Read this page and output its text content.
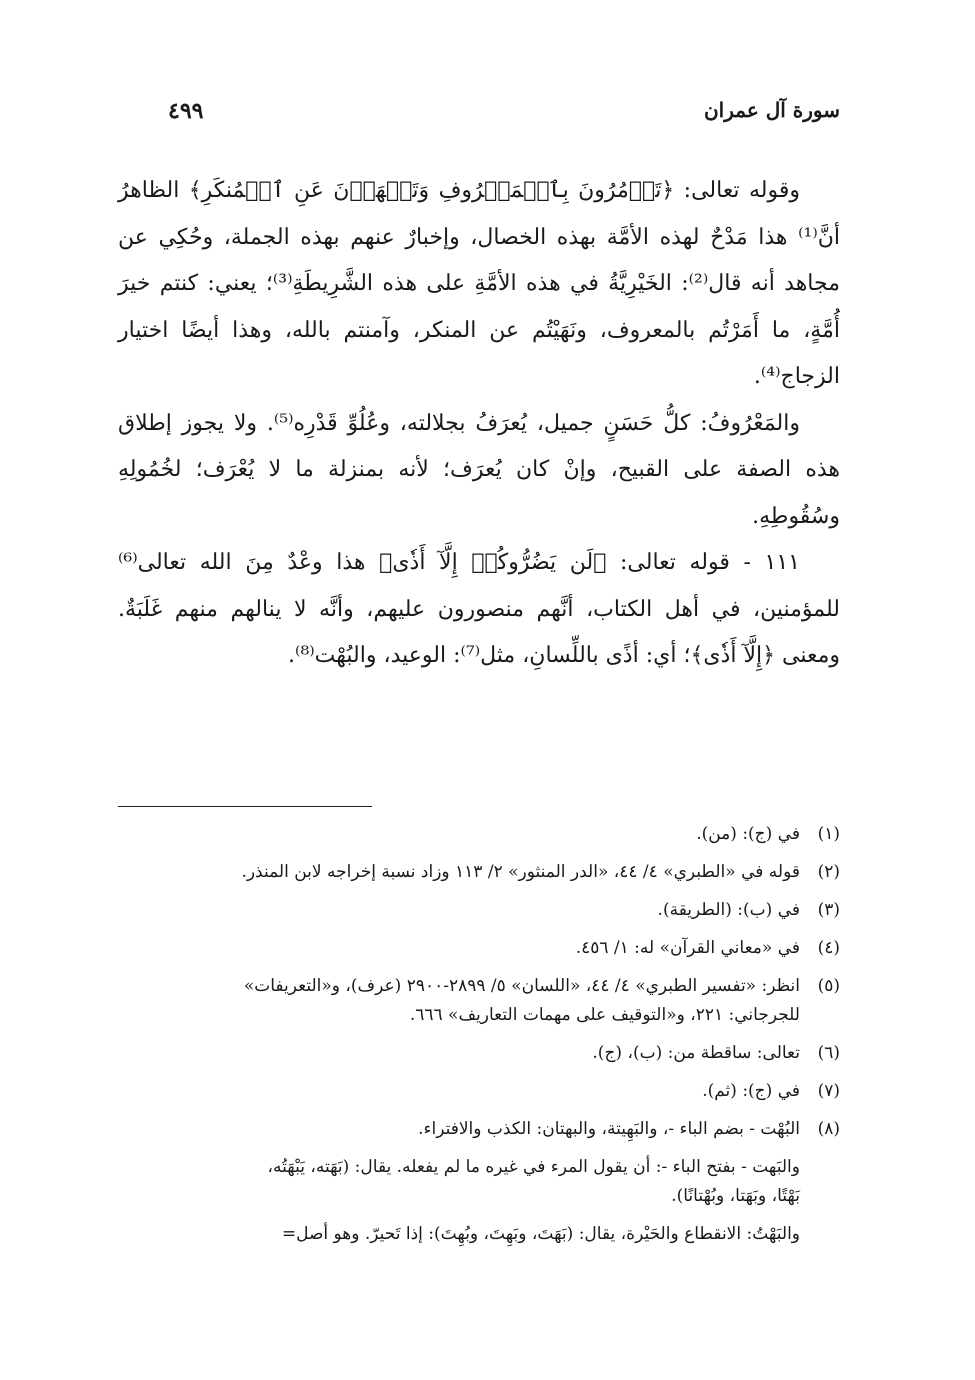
سورة آل عمران
٤٩٩

وقوله تعالى: ﴿تَأۡمُرُونَ بِٱلۡمَعۡرُوفِ وَتَنۡهَوۡنَ عَنِ ٱلۡمُنكَرِ﴾ الظاهرُ أنَّ⁽¹⁾ هذا مَدْحٌ لهذه الأمَّة بهذه الخصال، وإخبارٌ عنهم بهذه الجملة، وحُكِي عن مجاهد أنه قال⁽²⁾: الخَيْرِيَّةُ في هذه الأمَّةِ على هذه الشَّرِيطَةِ⁽³⁾؛ يعني: كنتم خيرَ أُمَّةٍ، ما أَمَرْتُم بالمعروف، ونَهَيْتُم عن المنكر، وآمنتم بالله، وهذا أيضًا اختيار الزجاج⁽⁴⁾.

والمَعْرُوفُ: كلُّ حَسَنٍ جميل، يُعرَفُ بجلالته، وعُلُوِّ قَدْرِه⁽⁵⁾. ولا يجوز إطلاق هذه الصفة على القبيح، وإنْ كان يُعرَف؛ لأنه بمنزلة ما لا يُعْرَف؛ لخُمُولِهِ وسُقُوطِهِ.

١١١ - قوله تعالى: ﴿لَن يَضُرُّوكُمۡ إِلَّآ أَذٗى﴾ هذا وعْدٌ مِنَ الله تعالى⁽⁶⁾ للمؤمنين، في أهل الكتاب، أنَّهم منصورون عليهم، وأنَّه لا ينالهم منهم غَلَبَةٌ. ومعنى ﴿إِلَّآ أَذٗى﴾؛ أي: أذًى باللِّسانِ، مثل⁽⁷⁾: الوعيد، والبُهْت⁽⁸⁾.

(١)
في (ج): (من).
(٢)
قوله في «الطبري» ٤/ ٤٤، «الدر المنثور» ٢/ ١١٣ وزاد نسبة إخراجه لابن المنذر.
(٣)
في (ب): (الطريقة).
(٤)
في «معاني القرآن» له: ١/ ٤٥٦.
(٥)
انظر: «تفسير الطبري» ٤/ ٤٤، «اللسان» ٥/ ٢٨٩٩-٢٩٠٠ (عرف)، و«التعريفات»
للجرجاني: ٢٢١، و«التوقيف على مهمات التعاريف» ٦٦٦.
(٦)
تعالى: ساقطة من: (ب)، (ج).
(٧)
في (ج): (ثم).
(٨)
البُهْت - بضم الباء -، والبَهِيتة، والبهتان: الكذب والافتراء.
والبَهت - بفتح الباء -: أن يقول المرء في غيره ما لم يفعله. يقال: (بَهَته، يَبْهَتُه،
بَهْتًا، وبَهَتا، وبُهْتانًا).
والبَهْتُ: الانقطاع والحَيْرة، يقال: (بَهَتَ، وبَهِتَ، وبُهِتَ): إذا تَحيرّ. وهو أصل=
